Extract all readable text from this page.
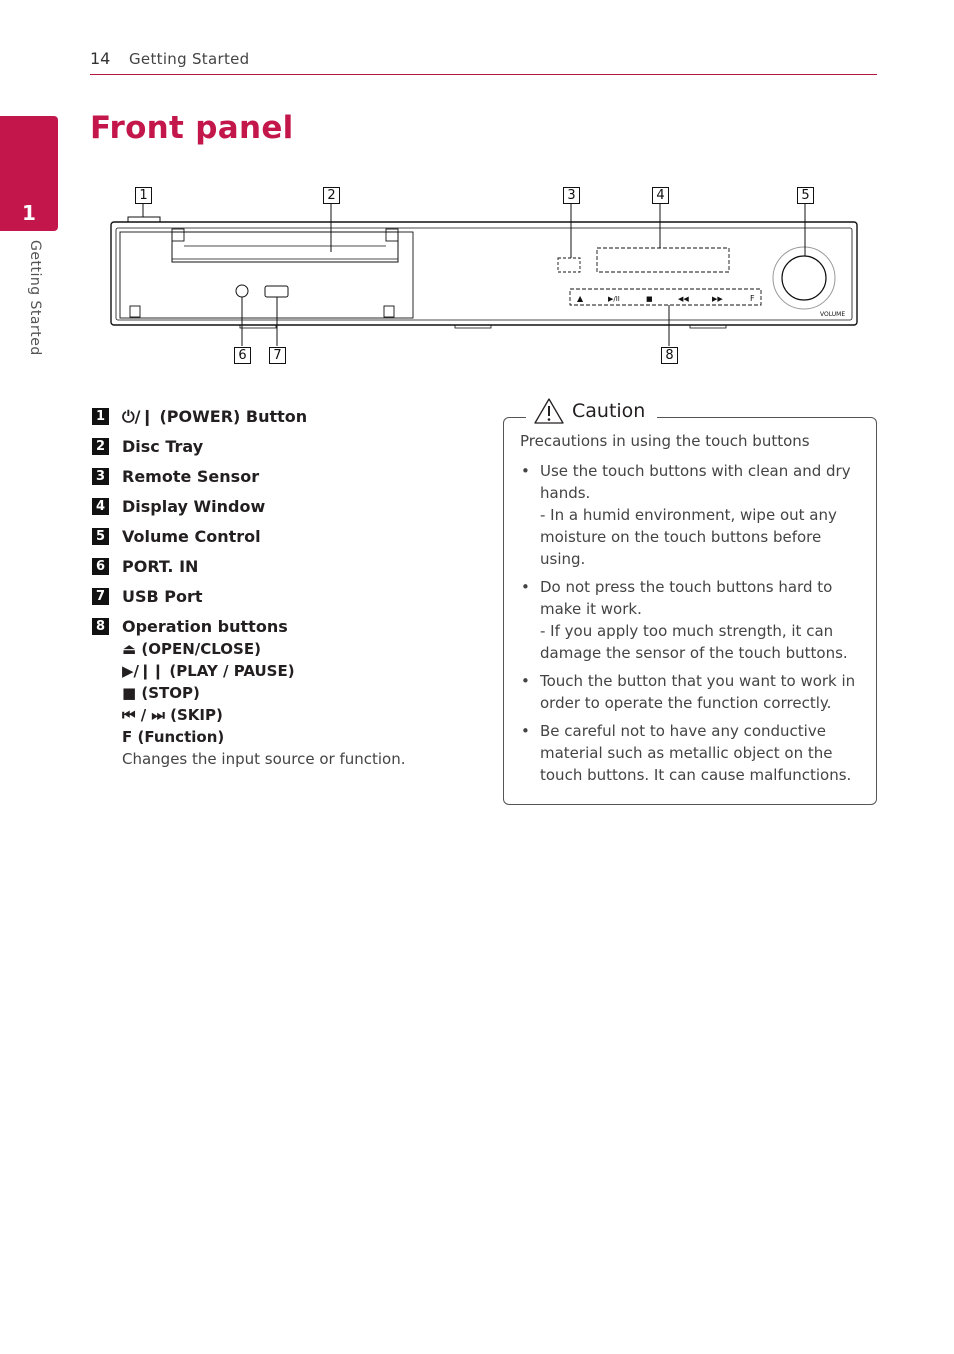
14 Getting Started
1
Getting Started
Front panel
▲	▶/II	■	◀◀	▶▶	F
VOLUME
1	2	3	4	5
6	7	8
1 ⏻/❙ (POWER) Button
2 Disc Tray
3 Remote Sensor
4 Display Window
5 Volume Control
6 PORT. IN
7 USB Port
8 Operation buttons
⏏ (OPEN/CLOSE)
▶/❙❙ (PLAY / PAUSE)
■ (STOP)
⏮ / ⏭ (SKIP)
F (Function)
Changes the input source or function.
Caution
Precautions in using the touch buttons
• Use the touch buttons with clean and dry hands.
- In a humid environment, wipe out any moisture on the touch buttons before using.
• Do not press the touch buttons hard to make it work.
- If you apply too much strength, it can damage the sensor of the touch buttons.
• Touch the button that you want to work in order to operate the function correctly.
• Be careful not to have any conductive material such as metallic object on the touch buttons. It can cause malfunctions.
